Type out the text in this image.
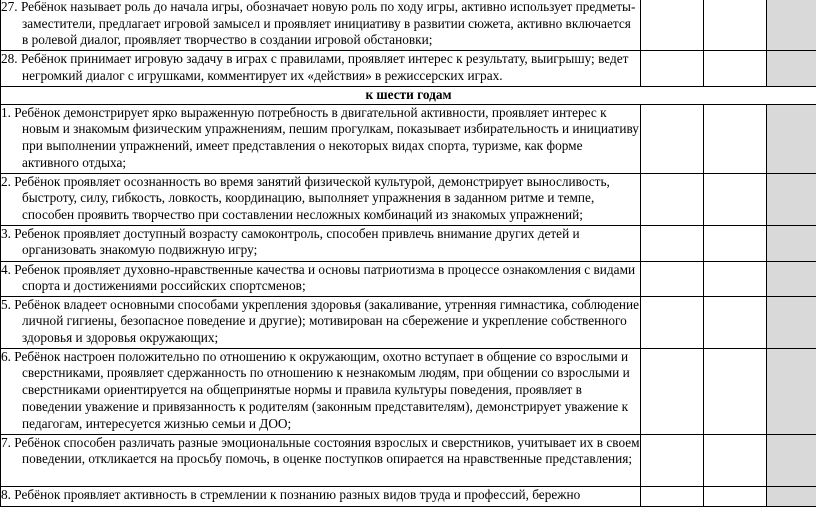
27. Ребёнок называет роль до начала игры, обозначает новую роль по ходу игры, активно использует предметы-заместители, предлагает игровой замысел и проявляет инициативу в развитии сюжета, активно включается в ролевой диалог, проявляет творчество в создании игровой обстановки;			

28. Ребёнок принимает игровую задачу в играх с правилами, проявляет интерес к результату, выигрышу; ведет негромкий диалог с игрушками, комментирует их «действия» в режиссерских играх.			

к шести годам			

1. Ребёнок демонстрирует ярко выраженную потребность в двигательной активности, проявляет интерес к новым и знакомым физическим упражнениям, пешим прогулкам, показывает избирательность и инициативу при выполнении упражнений, имеет представления о некоторых видах спорта, туризме, как форме активного отдыха;			

2. Ребёнок проявляет осознанность во время занятий физической культурой, демонстрирует выносливость, быстроту, силу, гибкость, ловкость, координацию, выполняет упражнения в заданном ритме и темпе, способен проявить творчество при составлении несложных комбинаций из знакомых упражнений;			

3. Ребенок проявляет доступный возрасту самоконтроль, способен привлечь внимание других детей и организовать знакомую подвижную игру;			

4. Ребенок проявляет духовно-нравственные качества и основы патриотизма в процессе ознакомления с видами спорта и достижениями российских спортсменов;			

5. Ребёнок владеет основными способами укрепления здоровья (закаливание, утренняя гимнастика, соблюдение личной гигиены, безопасное поведение и другие); мотивирован на сбережение и укрепление собственного здоровья и здоровья окружающих;			

6. Ребёнок настроен положительно по отношению к окружающим, охотно вступает в общение со взрослыми и сверстниками, проявляет сдержанность по отношению к незнакомым людям, при общении со взрослыми и сверстниками ориентируется на общепринятые нормы и правила культуры поведения, проявляет в поведении уважение и привязанность к родителям (законным представителям), демонстрирует уважение к педагогам, интересуется жизнью семьи и ДОО;			

7. Ребёнок способен различать разные эмоциональные состояния взрослых и сверстников, учитывает их в своем поведении, откликается на просьбу помочь, в оценке поступков опирается на нравственные представления;			

8. Ребёнок проявляет активность в стремлении к познанию разных видов труда и профессий, бережно			
